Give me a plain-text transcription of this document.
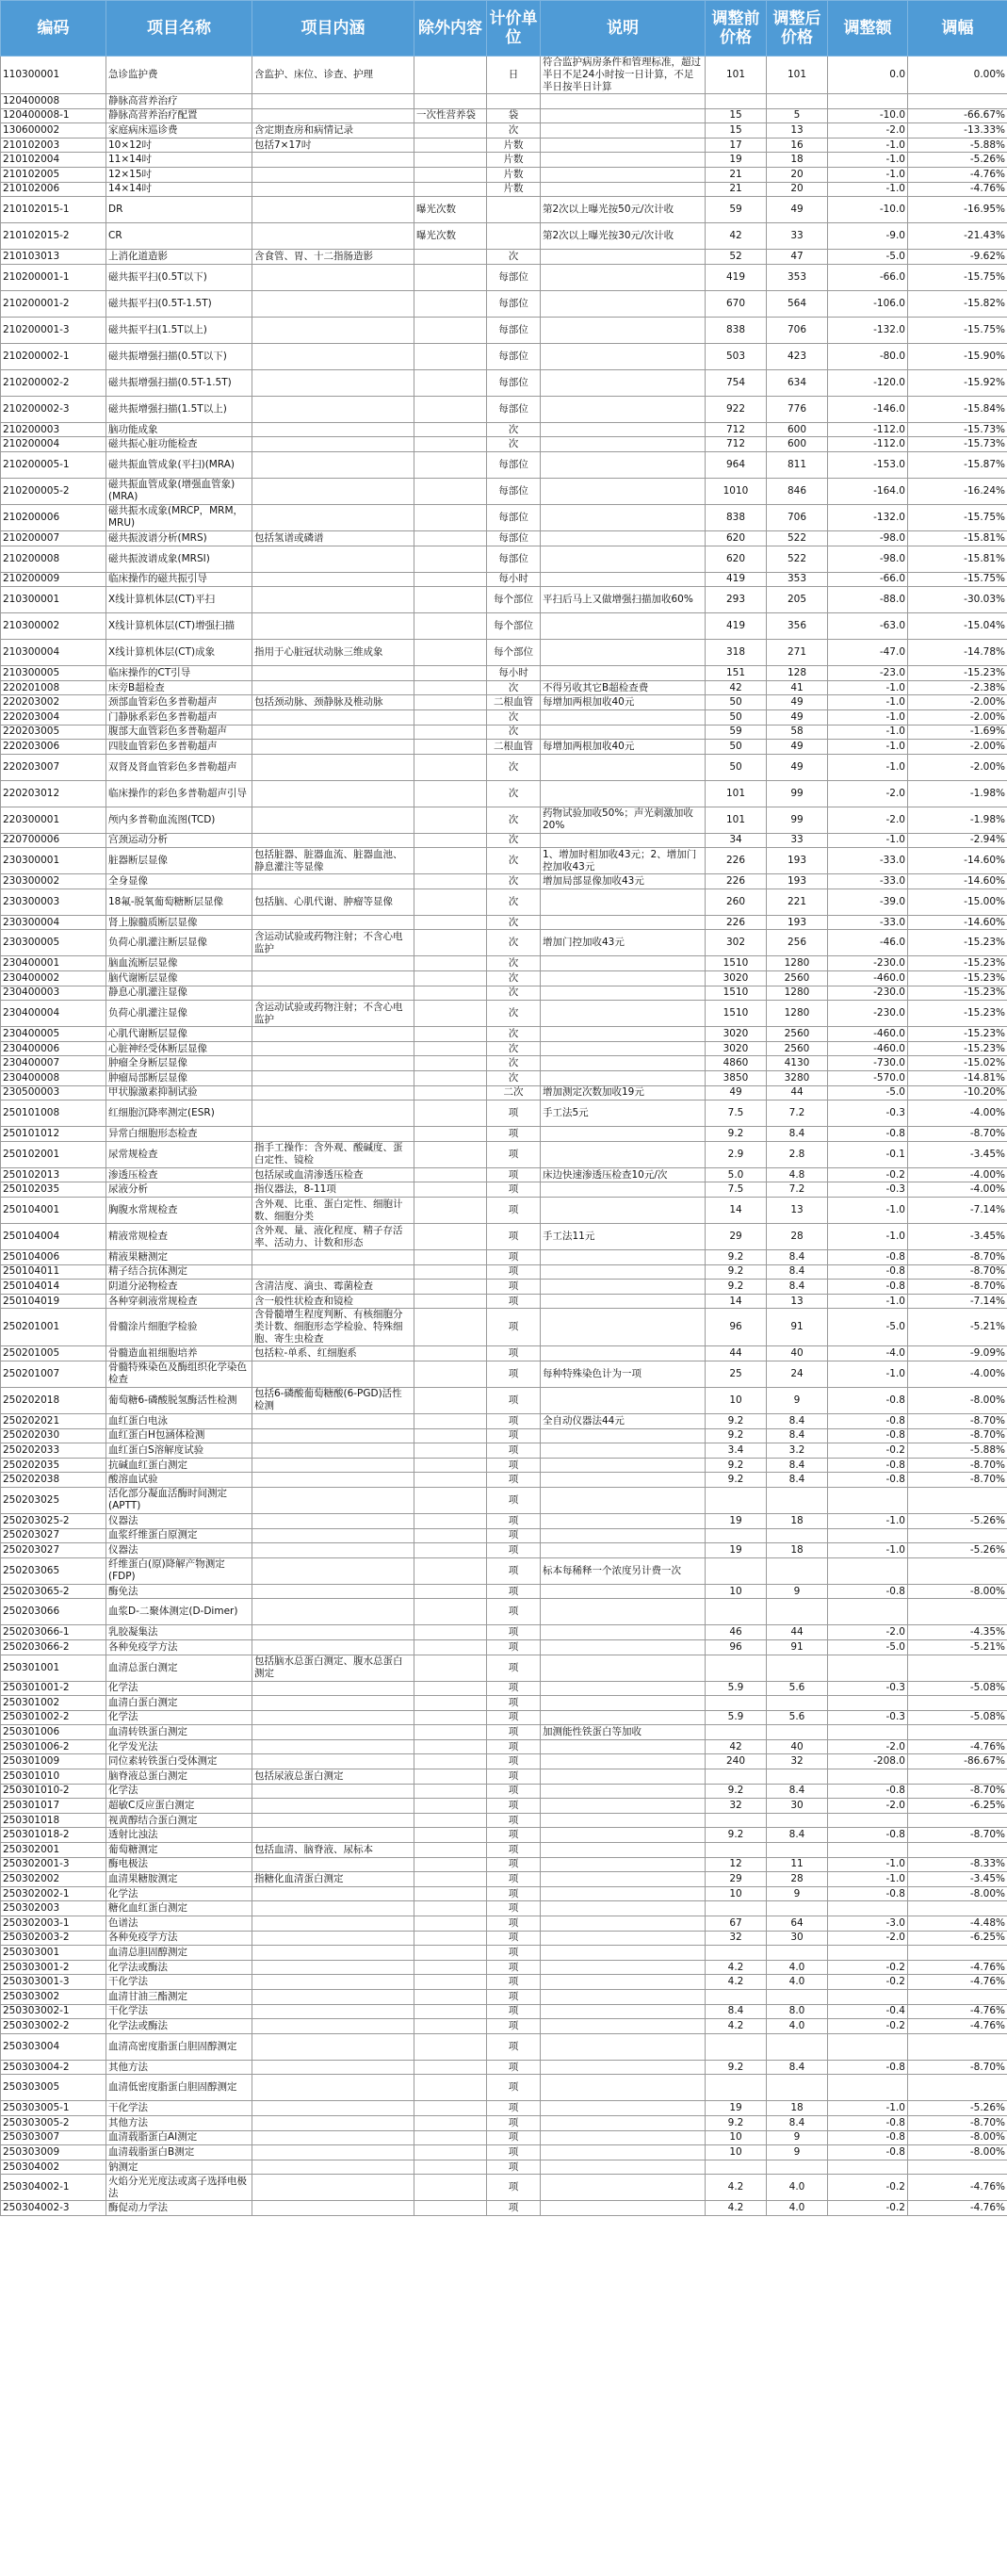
编码	项目名称	项目内涵	除外内容	计价单位	说明	调整前价格	调整后价格	调整额	调幅
110300001	急诊监护费	含监护、床位、诊查、护理		日	符合监护病房条件和管理标准，超过半日不足24小时按一日计算，不足半日按半日计算	101	101	0.0	0.00%
120400008	静脉高营养治疗								
120400008-1	静脉高营养治疗配置		一次性营养袋	袋		15	5	-10.0	-66.67%
130600002	家庭病床巡诊费	含定期查房和病情记录		次		15	13	-2.0	-13.33%
210102003	10×12吋	包括7×17吋		片数		17	16	-1.0	-5.88%
210102004	11×14吋			片数		19	18	-1.0	-5.26%
210102005	12×15吋			片数		21	20	-1.0	-4.76%
210102006	14×14吋			片数		21	20	-1.0	-4.76%
210102015-1	DR		曝光次数		第2次以上曝光按50元/次计收	59	49	-10.0	-16.95%
210102015-2	CR		曝光次数		第2次以上曝光按30元/次计收	42	33	-9.0	-21.43%
210103013	上消化道造影	含食管、胃、十二指肠造影		次		52	47	-5.0	-9.62%
210200001-1	磁共振平扫(0.5T以下)			每部位		419	353	-66.0	-15.75%
210200001-2	磁共振平扫(0.5T-1.5T)			每部位		670	564	-106.0	-15.82%
210200001-3	磁共振平扫(1.5T以上)			每部位		838	706	-132.0	-15.75%
210200002-1	磁共振增强扫描(0.5T以下)			每部位		503	423	-80.0	-15.90%
210200002-2	磁共振增强扫描(0.5T-1.5T)			每部位		754	634	-120.0	-15.92%
210200002-3	磁共振增强扫描(1.5T以上)			每部位		922	776	-146.0	-15.84%
210200003	脑功能成象			次		712	600	-112.0	-15.73%
210200004	磁共振心脏功能检查			次		712	600	-112.0	-15.73%
210200005-1	磁共振血管成象(平扫)(MRA)			每部位		964	811	-153.0	-15.87%
210200005-2	磁共振血管成象(增强血管象)(MRA)			每部位		1010	846	-164.0	-16.24%
210200006	磁共振水成象(MRCP，MRM，MRU)			每部位		838	706	-132.0	-15.75%
210200007	磁共振波谱分析(MRS)	包括氢谱或磷谱		每部位		620	522	-98.0	-15.81%
210200008	磁共振波谱成象(MRSI)			每部位		620	522	-98.0	-15.81%
210200009	临床操作的磁共振引导			每小时		419	353	-66.0	-15.75%
210300001	X线计算机体层(CT)平扫			每个部位	平扫后马上又做增强扫描加收60%	293	205	-88.0	-30.03%
210300002	X线计算机体层(CT)增强扫描			每个部位		419	356	-63.0	-15.04%
210300004	X线计算机体层(CT)成象	指用于心脏冠状动脉三维成象		每个部位		318	271	-47.0	-14.78%
210300005	临床操作的CT引导			每小时		151	128	-23.0	-15.23%
220201008	床旁B超检查			次	不得另收其它B超检查费	42	41	-1.0	-2.38%
220203002	颈部血管彩色多普勒超声	包括颈动脉、颈静脉及椎动脉		二根血管	每增加两根加收40元	50	49	-1.0	-2.00%
220203004	门静脉系彩色多普勒超声			次		50	49	-1.0	-2.00%
220203005	腹部大血管彩色多普勒超声			次		59	58	-1.0	-1.69%
220203006	四肢血管彩色多普勒超声			二根血管	每增加两根加收40元	50	49	-1.0	-2.00%
220203007	双肾及肾血管彩色多普勒超声			次		50	49	-1.0	-2.00%
220203012	临床操作的彩色多普勒超声引导			次		101	99	-2.0	-1.98%
220300001	颅内多普勒血流图(TCD)			次	药物试验加收50%；声光刺激加收20%	101	99	-2.0	-1.98%
220700006	宫颈运动分析			次		34	33	-1.0	-2.94%
230300001	脏器断层显像	包括脏器、脏器血流、脏器血池、静息灌注等显像		次	1、增加时相加收43元；2、增加门控加收43元	226	193	-33.0	-14.60%
230300002	全身显像			次	增加局部显像加收43元	226	193	-33.0	-14.60%
230300003	18氟-脱氧葡萄糖断层显像	包括脑、心肌代谢、肿瘤等显像		次		260	221	-39.0	-15.00%
230300004	肾上腺髓质断层显像			次		226	193	-33.0	-14.60%
230300005	负荷心肌灌注断层显像	含运动试验或药物注射；不含心电监护		次	增加门控加收43元	302	256	-46.0	-15.23%
230400001	脑血流断层显像			次		1510	1280	-230.0	-15.23%
230400002	脑代谢断层显像			次		3020	2560	-460.0	-15.23%
230400003	静息心肌灌注显像			次		1510	1280	-230.0	-15.23%
230400004	负荷心肌灌注显像	含运动试验或药物注射；不含心电监护		次		1510	1280	-230.0	-15.23%
230400005	心肌代谢断层显像			次		3020	2560	-460.0	-15.23%
230400006	心脏神经受体断层显像			次		3020	2560	-460.0	-15.23%
230400007	肿瘤全身断层显像			次		4860	4130	-730.0	-15.02%
230400008	肿瘤局部断层显像			次		3850	3280	-570.0	-14.81%
230500003	甲状腺激素抑制试验			二次	增加测定次数加收19元	49	44	-5.0	-10.20%
250101008	红细胞沉降率测定(ESR)			项	手工法5元	7.5	7.2	-0.3	-4.00%
250101012	异常白细胞形态检查			项		9.2	8.4	-0.8	-8.70%
250102001	尿常规检查	指手工操作：含外观、酸碱度、蛋白定性、镜检		项		2.9	2.8	-0.1	-3.45%
250102013	渗透压检查	包括尿或血清渗透压检查		项	床边快速渗透压检查10元/次	5.0	4.8	-0.2	-4.00%
250102035	尿液分析	指仪器法，8-11项		项		7.5	7.2	-0.3	-4.00%
250104001	胸腹水常规检查	含外观、比重、蛋白定性、细胞计数、细胞分类		项		14	13	-1.0	-7.14%
250104004	精液常规检查	含外观、量、液化程度、精子存活率、活动力、计数和形态		项	手工法11元	29	28	-1.0	-3.45%
250104006	精液果糖测定			项		9.2	8.4	-0.8	-8.70%
250104011	精子结合抗体测定			项		9.2	8.4	-0.8	-8.70%
250104014	阴道分泌物检查	含清洁度、滴虫、霉菌检查		项		9.2	8.4	-0.8	-8.70%
250104019	各种穿刺液常规检查	含一般性状检查和镜检		项		14	13	-1.0	-7.14%
250201001	骨髓涂片细胞学检验	含骨髓增生程度判断、有核细胞分类计数、细胞形态学检验、特殊细胞、寄生虫检查		项		96	91	-5.0	-5.21%
250201005	骨髓造血祖细胞培养	包括粒-单系、红细胞系		项		44	40	-4.0	-9.09%
250201007	骨髓特殊染色及酶组织化学染色检查			项	每种特殊染色计为一项	25	24	-1.0	-4.00%
250202018	葡萄糖6-磷酸脱氢酶活性检测	包括6-磷酸葡萄糖酸(6-PGD)活性检测		项		10	9	-0.8	-8.00%
250202021	血红蛋白电泳			项	全自动仪器法44元	9.2	8.4	-0.8	-8.70%
250202030	血红蛋白H包涵体检测			项		9.2	8.4	-0.8	-8.70%
250202033	血红蛋白S溶解度试验			项		3.4	3.2	-0.2	-5.88%
250202035	抗碱血红蛋白测定			项		9.2	8.4	-0.8	-8.70%
250202038	酸溶血试验			项		9.2	8.4	-0.8	-8.70%
250203025	活化部分凝血活酶时间测定(APTT)			项					
250203025-2	仪器法			项		19	18	-1.0	-5.26%
250203027	血浆纤维蛋白原测定			项					
250203027	仪器法			项		19	18	-1.0	-5.26%
250203065	纤维蛋白(原)降解产物测定(FDP)			项	标本每稀释一个浓度另计费一次				
250203065-2	酶免法			项		10	9	-0.8	-8.00%
250203066	血浆D-二聚体测定(D-Dimer)			项					
250203066-1	乳胶凝集法			项		46	44	-2.0	-4.35%
250203066-2	各种免疫学方法			项		96	91	-5.0	-5.21%
250301001	血清总蛋白测定	包括脑水总蛋白测定、腹水总蛋白测定		项					
250301001-2	化学法			项		5.9	5.6	-0.3	-5.08%
250301002	血清白蛋白测定			项					
250301002-2	化学法			项		5.9	5.6	-0.3	-5.08%
250301006	血清转铁蛋白测定			项	加测能性铁蛋白等加收				
250301006-2	化学发光法			项		42	40	-2.0	-4.76%
250301009	同位素转铁蛋白受体测定			项		240	32	-208.0	-86.67%
250301010	脑脊液总蛋白测定	包括尿液总蛋白测定		项					
250301010-2	化学法			项		9.2	8.4	-0.8	-8.70%
250301017	超敏C反应蛋白测定			项		32	30	-2.0	-6.25%
250301018	视黄醇结合蛋白测定			项					
250301018-2	透射比浊法			项		9.2	8.4	-0.8	-8.70%
250302001	葡萄糖测定	包括血清、脑脊液、尿标本		项					
250302001-3	酶电极法			项		12	11	-1.0	-8.33%
250302002	血清果糖胺测定	指糖化血清蛋白测定		项		29	28	-1.0	-3.45%
250302002-1	化学法			项		10	9	-0.8	-8.00%
250302003	糖化血红蛋白测定			项					
250302003-1	色谱法			项		67	64	-3.0	-4.48%
250302003-2	各种免疫学方法			项		32	30	-2.0	-6.25%
250303001	血清总胆固醇测定			项					
250303001-2	化学法或酶法			项		4.2	4.0	-0.2	-4.76%
250303001-3	干化学法			项		4.2	4.0	-0.2	-4.76%
250303002	血清甘油三酯测定			项					
250303002-1	干化学法			项		8.4	8.0	-0.4	-4.76%
250303002-2	化学法或酶法			项		4.2	4.0	-0.2	-4.76%
250303004	血清高密度脂蛋白胆固醇测定			项					
250303004-2	其他方法			项		9.2	8.4	-0.8	-8.70%
250303005	血清低密度脂蛋白胆固醇测定			项					
250303005-1	干化学法			项		19	18	-1.0	-5.26%
250303005-2	其他方法			项		9.2	8.4	-0.8	-8.70%
250303007	血清载脂蛋白AⅠ测定			项		10	9	-0.8	-8.00%
250303009	血清载脂蛋白B测定			项		10	9	-0.8	-8.00%
250304002	钠测定			项					
250304002-1	火焰分光光度法或离子选择电极法			项		4.2	4.0	-0.2	-4.76%
250304002-3	酶促动力学法			项		4.2	4.0	-0.2	-4.76%
